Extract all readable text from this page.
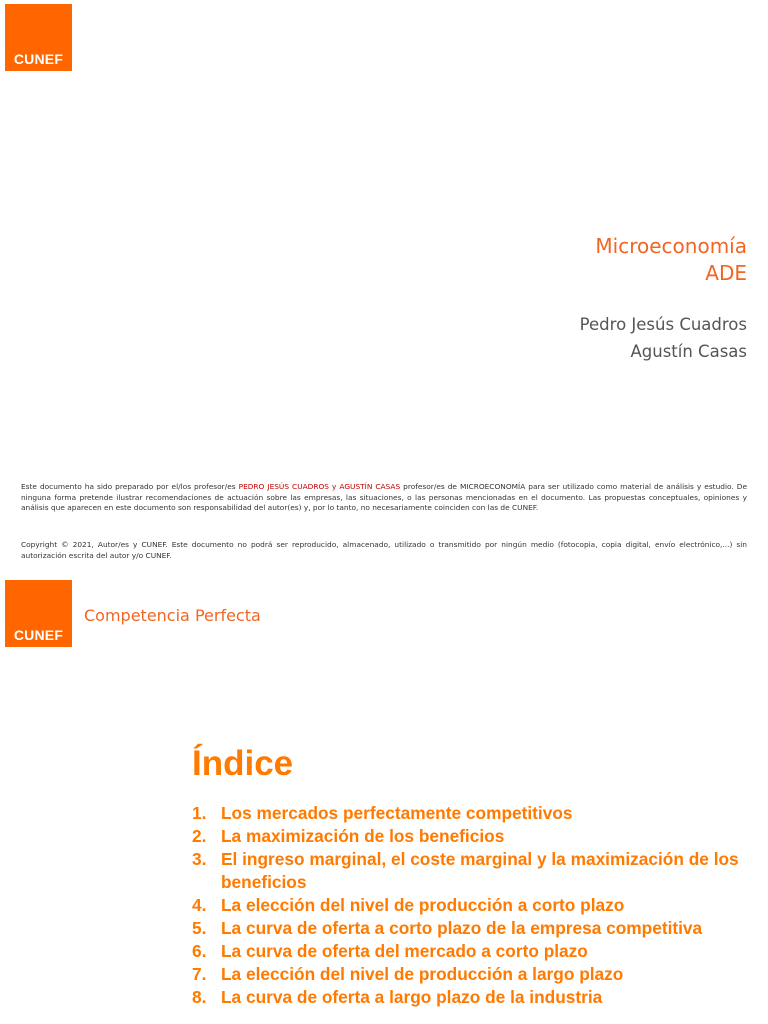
CUNEF
Microeconomía
ADE
Pedro Jesús Cuadros
Agustín Casas
Este documento ha sido preparado por el/los profesor/es PEDRO JESÚS CUADROS y AGUSTÍN CASAS profesor/es de MICROECONOMÍA para ser utilizado como material de análisis y estudio. De ninguna forma pretende ilustrar recomendaciones de actuación sobre las empresas, las situaciones, o las personas mencionadas en el documento. Las propuestas conceptuales, opiniones y análisis que aparecen en este documento son responsabilidad del autor(es) y, por lo tanto, no necesariamente coinciden con las de CUNEF.
Copyright © 2021, Autor/es y CUNEF. Este documento no podrá ser reproducido, almacenado, utilizado o transmitido por ningún medio (fotocopia, copia digital, envío electrónico,...) sin autorización escrita del autor y/o CUNEF.
CUNEF
Competencia Perfecta
Índice
1. Los mercados perfectamente competitivos
2. La maximización de los beneficios
3. El ingreso marginal, el coste marginal y la maximización de los beneficios
4. La elección del nivel de producción a corto plazo
5. La curva de oferta a corto plazo de la empresa competitiva
6. La curva de oferta del mercado a corto plazo
7. La elección del nivel de producción a largo plazo
8. La curva de oferta a largo plazo de la industria
